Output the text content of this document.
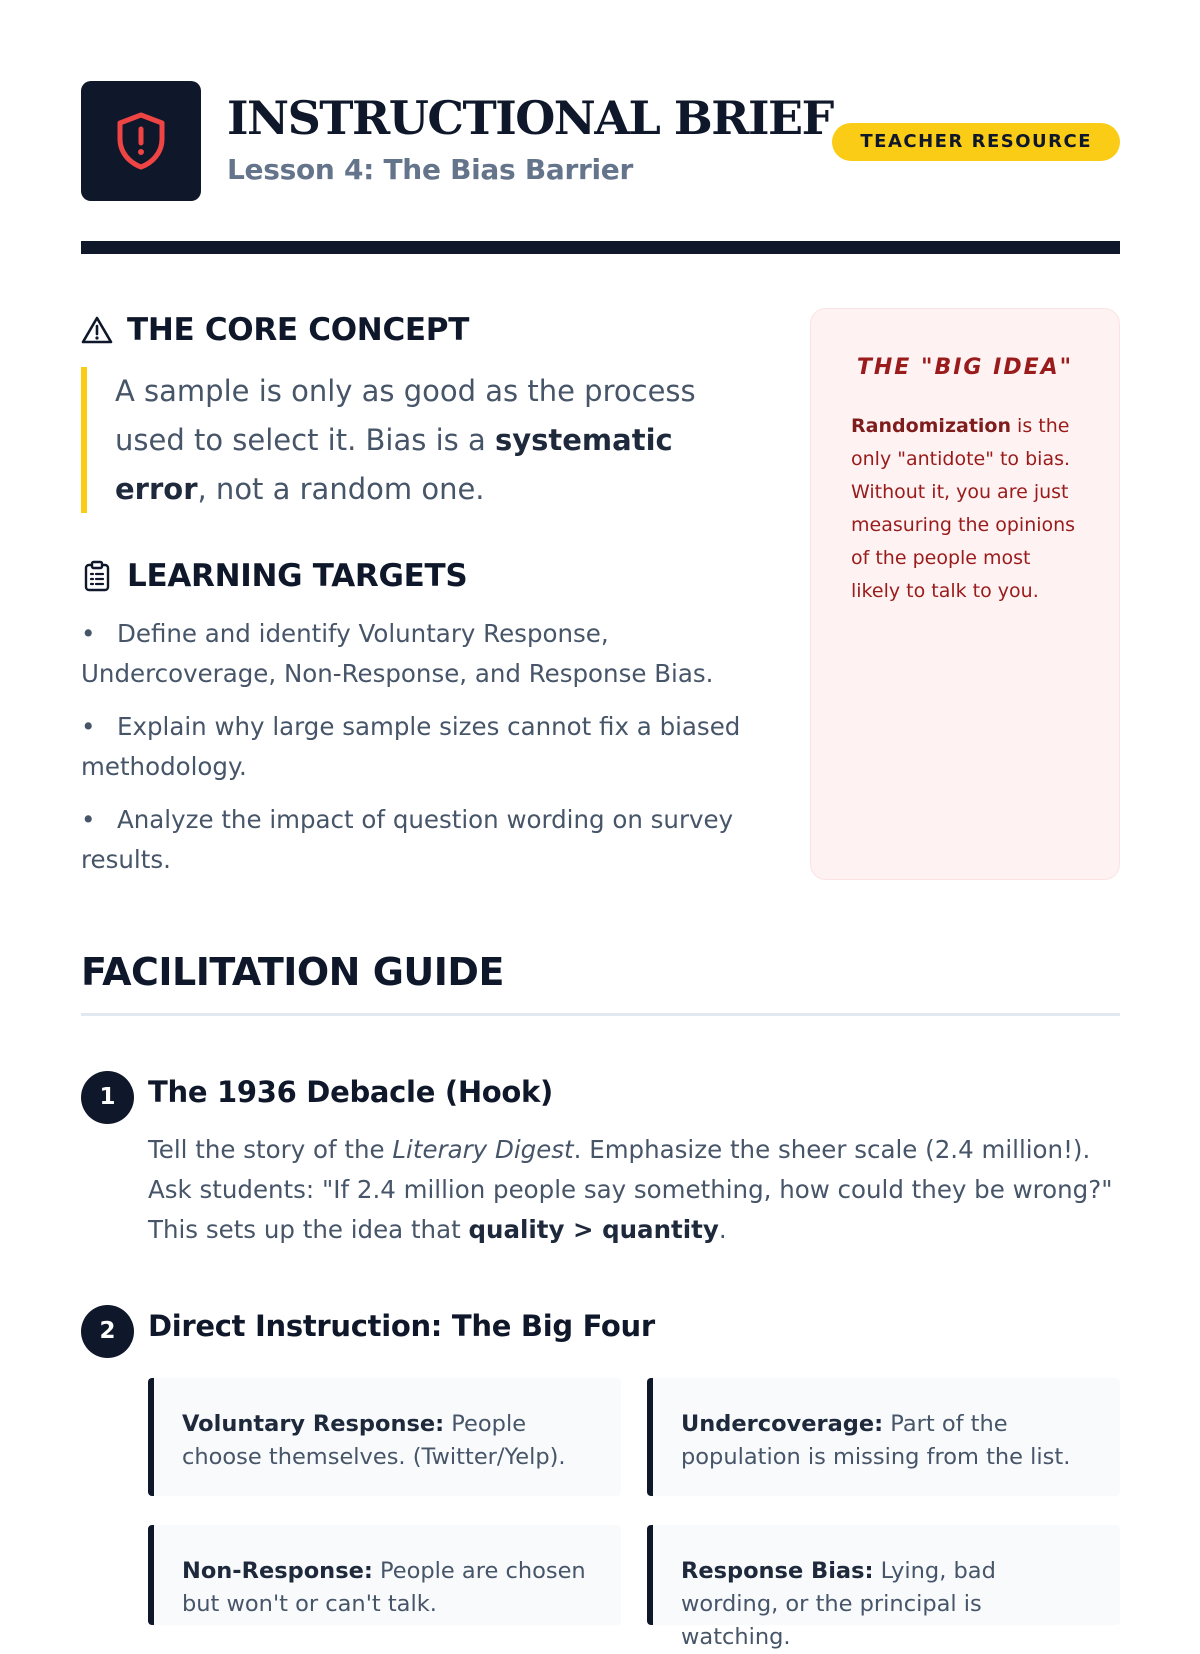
INSTRUCTIONAL BRIEF
Lesson 4: The Bias Barrier
TEACHER RESOURCE
THE CORE CONCEPT
A sample is only as good as the process used to select it. Bias is a systematic error, not a random one.
LEARNING TARGETS
• Define and identify Voluntary Response, Undercoverage, Non-Response, and Response Bias.
• Explain why large sample sizes cannot fix a biased methodology.
• Analyze the impact of question wording on survey results.
THE "BIG IDEA"
Randomization is the only "antidote" to bias. Without it, you are just measuring the opinions of the people most likely to talk to you.
FACILITATION GUIDE
1	The 1936 Debacle (Hook)
Tell the story of the Literary Digest. Emphasize the sheer scale (2.4 million!). Ask students: "If 2.4 million people say something, how could they be wrong?" This sets up the idea that quality > quantity.
2	Direct Instruction: The Big Four
Voluntary Response: People choose themselves. (Twitter/Yelp).
Undercoverage: Part of the population is missing from the list.
Non-Response: People are chosen but won't or can't talk.
Response Bias: Lying, bad wording, or the principal is watching.
